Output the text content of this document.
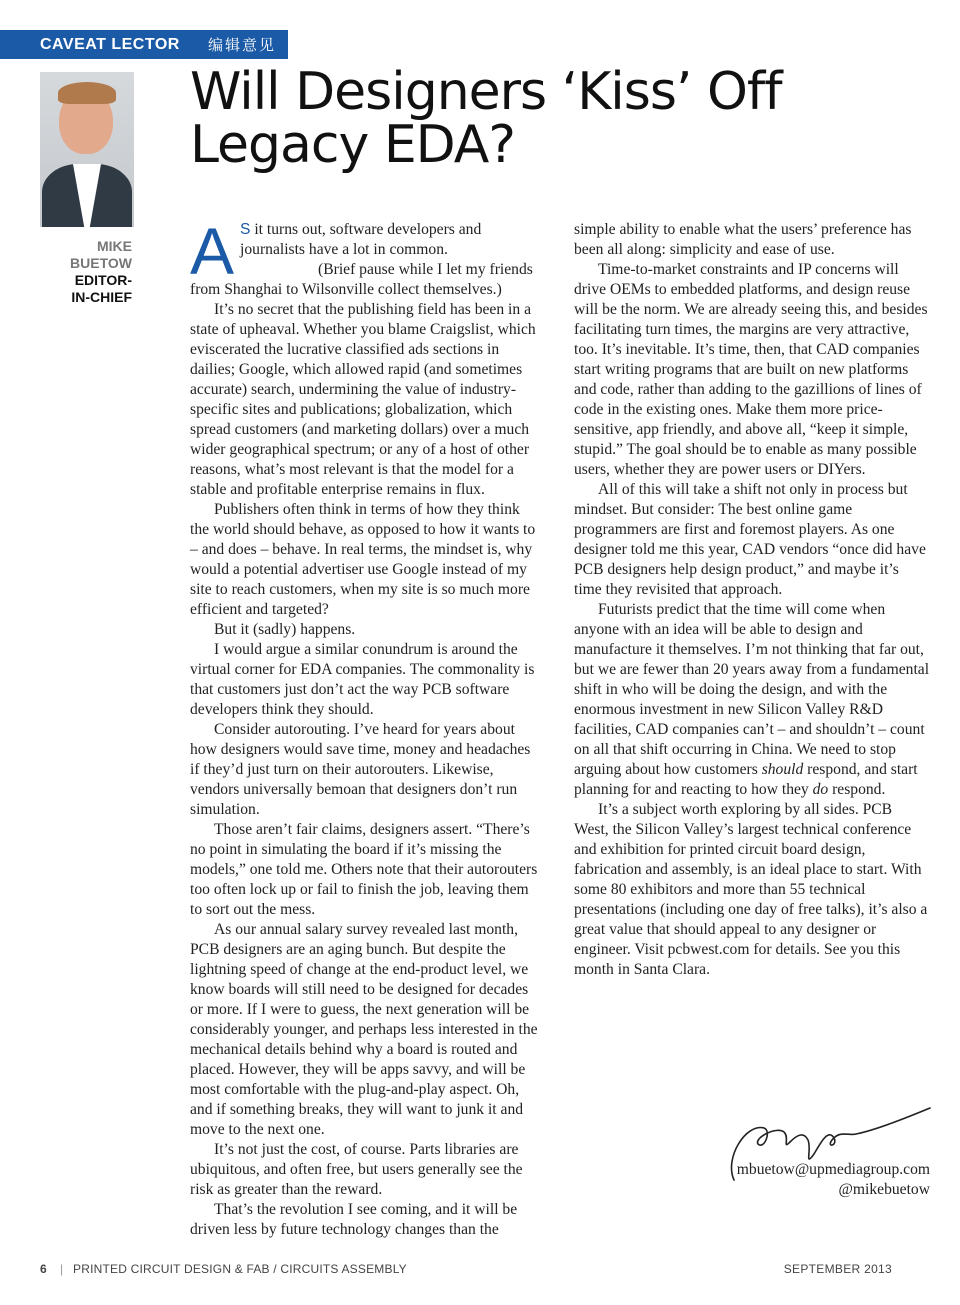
CAVEAT LECTOR	编辑意见
Will Designers ‘Kiss’ Off
Legacy EDA?
MIKE
BUETOW
EDITOR-
IN-CHIEF

A S it turns out, software developers and journalists have a lot in common.

(Brief pause while I let my friends from Shanghai to Wilsonville collect themselves.)

It’s no secret that the publishing field has been in a state of upheaval. Whether you blame Craigslist, which eviscerated the lucrative classified ads sections in dailies; Google, which allowed rapid (and sometimes accurate) search, undermining the value of industry-specific sites and publications; globalization, which spread customers (and marketing dollars) over a much wider geographical spectrum; or any of a host of other reasons, what’s most relevant is that the model for a stable and profitable enterprise remains in flux.

Publishers often think in terms of how they think the world should behave, as opposed to how it wants to – and does – behave. In real terms, the mindset is, why would a potential advertiser use Google instead of my site to reach customers, when my site is so much more efficient and targeted?

But it (sadly) happens.

I would argue a similar conundrum is around the virtual corner for EDA companies. The commonality is that customers just don’t act the way PCB software developers think they should.

Consider autorouting. I’ve heard for years about how designers would save time, money and headaches if they’d just turn on their autorouters. Likewise, vendors universally bemoan that designers don’t run simulation.

Those aren’t fair claims, designers assert. “There’s no point in simulating the board if it’s missing the models,” one told me. Others note that their autorouters too often lock up or fail to finish the job, leaving them to sort out the mess.

As our annual salary survey revealed last month, PCB designers are an aging bunch. But despite the lightning speed of change at the end-product level, we know boards will still need to be designed for decades or more. If I were to guess, the next generation will be considerably younger, and perhaps less interested in the mechanical details behind why a board is routed and placed. However, they will be apps savvy, and will be most comfortable with the plug-and-play aspect. Oh, and if something breaks, they will want to junk it and move to the next one.

It’s not just the cost, of course. Parts libraries are ubiquitous, and often free, but users generally see the risk as greater than the reward.

That’s the revolution I see coming, and it will be driven less by future technology changes than the

simple ability to enable what the users’ preference has been all along: simplicity and ease of use.

Time-to-market constraints and IP concerns will drive OEMs to embedded platforms, and design reuse will be the norm. We are already seeing this, and besides facilitating turn times, the margins are very attractive, too. It’s inevitable. It’s time, then, that CAD companies start writing programs that are built on new platforms and code, rather than adding to the gazillions of lines of code in the existing ones. Make them more price-sensitive, app friendly, and above all, “keep it simple, stupid.” The goal should be to enable as many possible users, whether they are power users or DIYers.

All of this will take a shift not only in process but mindset. But consider: The best online game programmers are first and foremost players. As one designer told me this year, CAD vendors “once did have PCB designers help design product,” and maybe it’s time they revisited that approach.

Futurists predict that the time will come when anyone with an idea will be able to design and manufacture it themselves. I’m not thinking that far out, but we are fewer than 20 years away from a fundamental shift in who will be doing the design, and with the enormous investment in new Silicon Valley R&D facilities, CAD companies can’t – and shouldn’t – count on all that shift occurring in China. We need to stop arguing about how customers should respond, and start planning for and reacting to how they do respond.

It’s a subject worth exploring by all sides. PCB West, the Silicon Valley’s largest technical conference and exhibition for printed circuit board design, fabrication and assembly, is an ideal place to start. With some 80 exhibitors and more than 55 technical presentations (including one day of free talks), it’s also a great value that should appeal to any designer or engineer. Visit pcbwest.com for details. See you this month in Santa Clara.

mbuetow@upmediagroup.com
@mikebuetow
6 | PRINTED CIRCUIT DESIGN & FAB / CIRCUITS ASSEMBLY	SEPTEMBER 2013
